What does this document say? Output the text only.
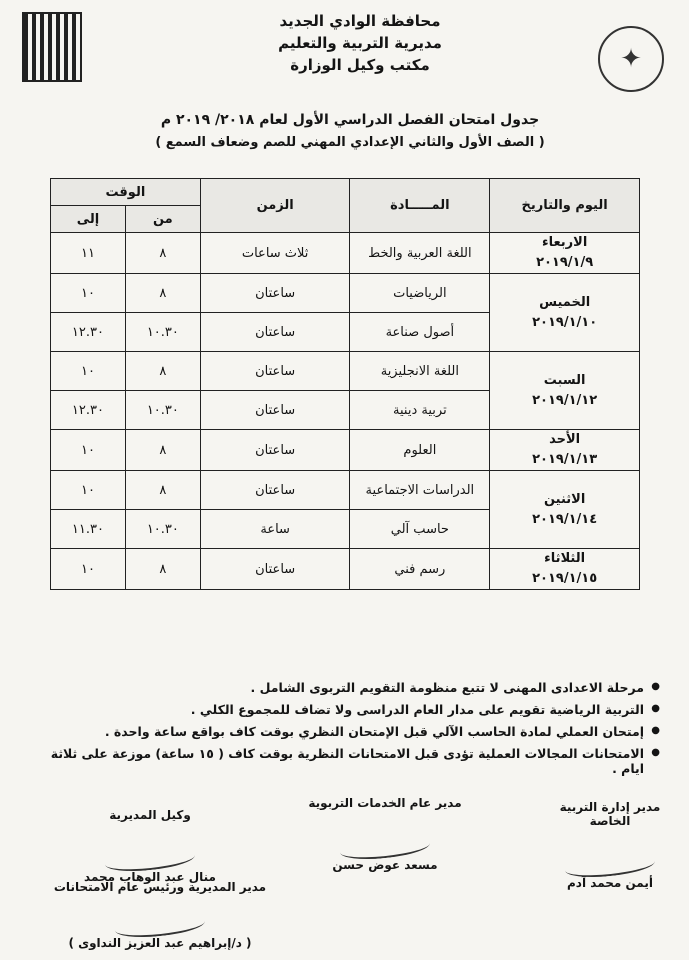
✦
محافظة الوادي الجديد
مديرية التربية والتعليم
مكتب وكيل الوزارة
جدول امتحان الفصل الدراسي الأول لعام ٢٠١٨/ ٢٠١٩ م
( الصف الأول والثاني الإعدادي المهني للصم وضعاف السمع )
اليوم والتاريخ	المـــــادة	الزمن	الوقت	
			من	إلى

الاربعاء
٢٠١٩/١/٩	اللغة العربية والخط	ثلاث ساعات	٨	١١

الخميس
٢٠١٩/١/١٠	الرياضيات	ساعتان	٨	١٠
	أصول صناعة	ساعتان	١٠.٣٠	١٢.٣٠

السبت
٢٠١٩/١/١٢	اللغة الانجليزية	ساعتان	٨	١٠
	تربية دينية	ساعتان	١٠.٣٠	١٢.٣٠

الأحد
٢٠١٩/١/١٣	العلوم	ساعتان	٨	١٠

الاثنين
٢٠١٩/١/١٤	الدراسات الاجتماعية	ساعتان	٨	١٠
	حاسب آلي	ساعة	١٠.٣٠	١١.٣٠

الثلاثاء
٢٠١٩/١/١٥	رسم فني	ساعتان	٨	١٠
● مرحلة الاعدادى المهنى لا تتبع منظومة التقويم التربوى الشامل .
● التربية الرياضية تقويم على مدار العام الدراسى ولا تضاف للمجموع الكلي .
● إمتحان العملي لمادة الحاسب الآلي قبل الإمتحان النظري بوقت كاف بواقع ساعة واحدة .
● الامتحانات المجالات العملية تؤدى قبل الامتحانات النظرية بوقت كاف ( ١٥ ساعة) موزعة على ثلاثة ايام .
مدير إدارة التربية الخاصة
أيمن محمد آدم
مدير عام الخدمات التربوية
مسعد عوض حسن
وكيل المديرية
منال عبد الوهاب محمد
مدير المديرية ورئيس عام الامتحانات
( د/إبراهيم عبد العزيز النداوى )
